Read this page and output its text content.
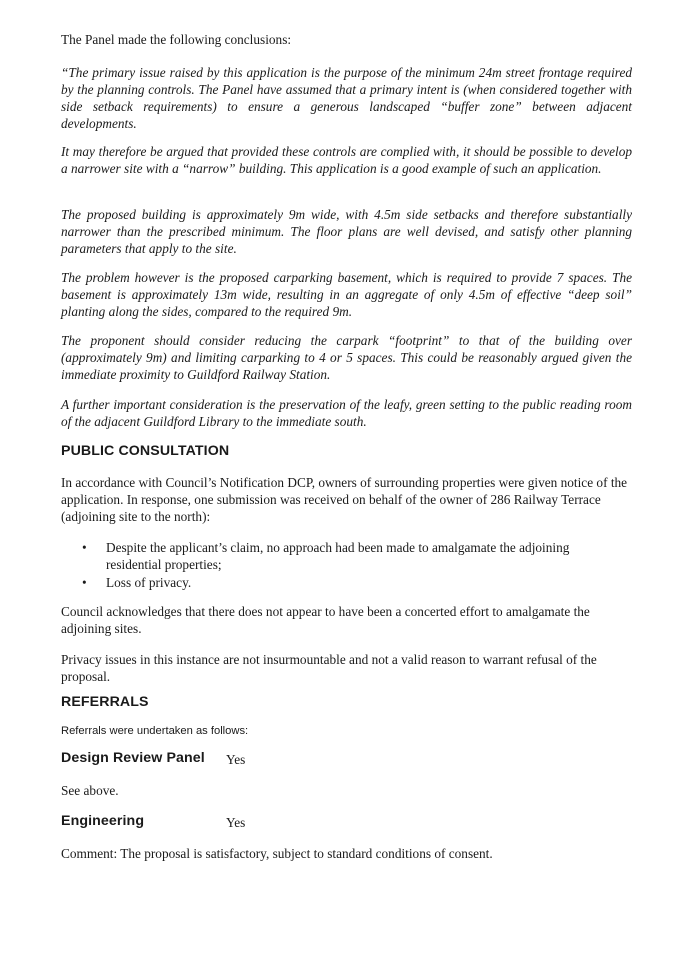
The Panel made the following conclusions:

“The primary issue raised by this application is the purpose of the minimum 24m street frontage required by the planning controls. The Panel have assumed that a primary intent is (when considered together with side setback requirements) to ensure a generous landscaped “buffer zone” between adjacent developments.

It may therefore be argued that provided these controls are complied with, it should be possible to develop a narrower site with a “narrow” building. This application is a good example of such an application.

The proposed building is approximately 9m wide, with 4.5m side setbacks and therefore substantially narrower than the prescribed minimum. The floor plans are well devised, and satisfy other planning parameters that apply to the site.

The problem however is the proposed carparking basement, which is required to provide 7 spaces. The basement is approximately 13m wide, resulting in an aggregate of only 4.5m of effective “deep soil” planting along the sides, compared to the required 9m.

The proponent should consider reducing the carpark “footprint” to that of the building over (approximately 9m) and limiting carparking to 4 or 5 spaces. This could be reasonably argued given the immediate proximity to Guildford Railway Station.

A further important consideration is the preservation of the leafy, green setting to the public reading room of the adjacent Guildford Library to the immediate south.

PUBLIC CONSULTATION

In accordance with Council’s Notification DCP, owners of surrounding properties were given notice of the application. In response, one submission was received on behalf of the owner of 286 Railway Terrace (adjoining site to the north):

• Despite the applicant’s claim, no approach had been made to amalgamate the adjoining residential properties;
• Loss of privacy.

Council acknowledges that there does not appear to have been a concerted effort to amalgamate the adjoining sites.

Privacy issues in this instance are not insurmountable and not a valid reason to warrant refusal of the proposal.

REFERRALS

Referrals were undertaken as follows:

Design Review Panel Yes

See above.

Engineering	Yes

Comment: The proposal is satisfactory, subject to standard conditions of consent.
